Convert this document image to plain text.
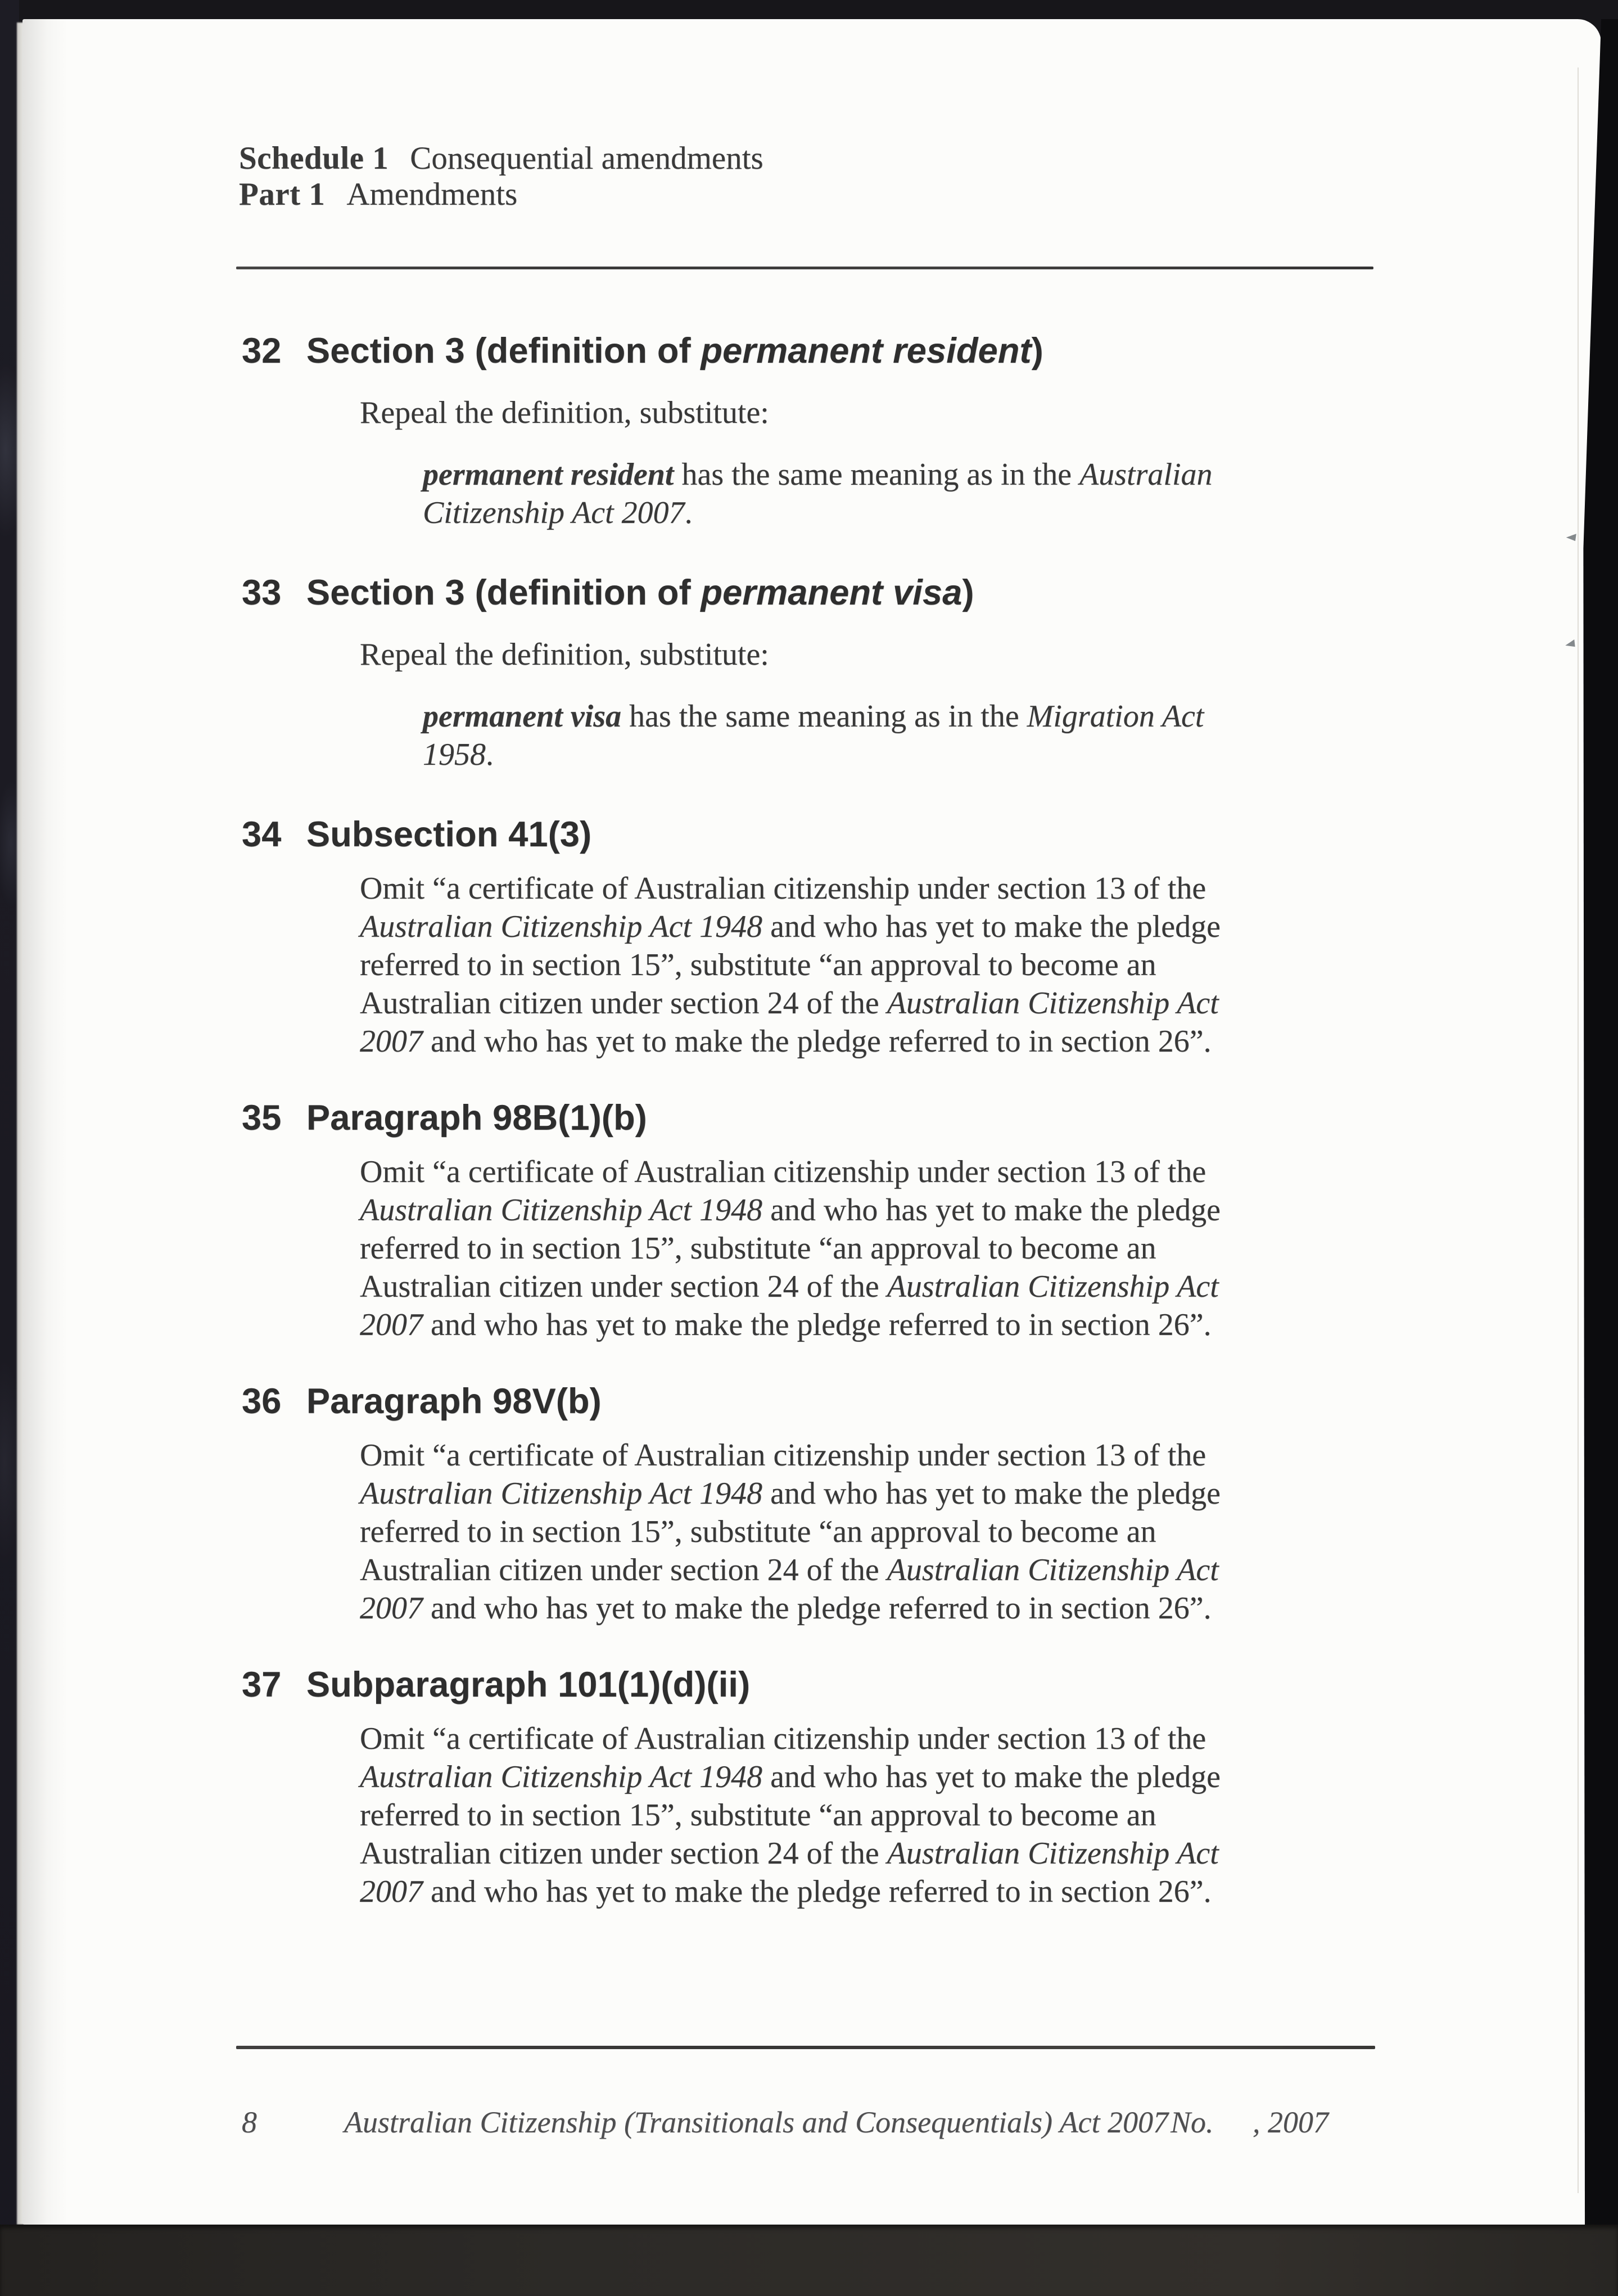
Schedule 1 Consequential amendments
Part 1 Amendments
32 Section 3 (definition of permanent resident)
Repeal the definition, substitute:
permanent resident has the same meaning as in the Australian
Citizenship Act 2007.
33 Section 3 (definition of permanent visa)
Repeal the definition, substitute:
permanent visa has the same meaning as in the Migration Act
1958.
34 Subsection 41(3)
Omit “a certificate of Australian citizenship under section 13 of the
Australian Citizenship Act 1948 and who has yet to make the pledge
referred to in section 15”, substitute “an approval to become an
Australian citizen under section 24 of the Australian Citizenship Act
2007 and who has yet to make the pledge referred to in section 26”.
35 Paragraph 98B(1)(b)
Omit “a certificate of Australian citizenship under section 13 of the
Australian Citizenship Act 1948 and who has yet to make the pledge
referred to in section 15”, substitute “an approval to become an
Australian citizen under section 24 of the Australian Citizenship Act
2007 and who has yet to make the pledge referred to in section 26”.
36 Paragraph 98V(b)
Omit “a certificate of Australian citizenship under section 13 of the
Australian Citizenship Act 1948 and who has yet to make the pledge
referred to in section 15”, substitute “an approval to become an
Australian citizen under section 24 of the Australian Citizenship Act
2007 and who has yet to make the pledge referred to in section 26”.
37 Subparagraph 101(1)(d)(ii)
Omit “a certificate of Australian citizenship under section 13 of the
Australian Citizenship Act 1948 and who has yet to make the pledge
referred to in section 15”, substitute “an approval to become an
Australian citizen under section 24 of the Australian Citizenship Act
2007 and who has yet to make the pledge referred to in section 26”.
8	Australian Citizenship (Transitionals and Consequentials) Act 2007 No. , 2007
